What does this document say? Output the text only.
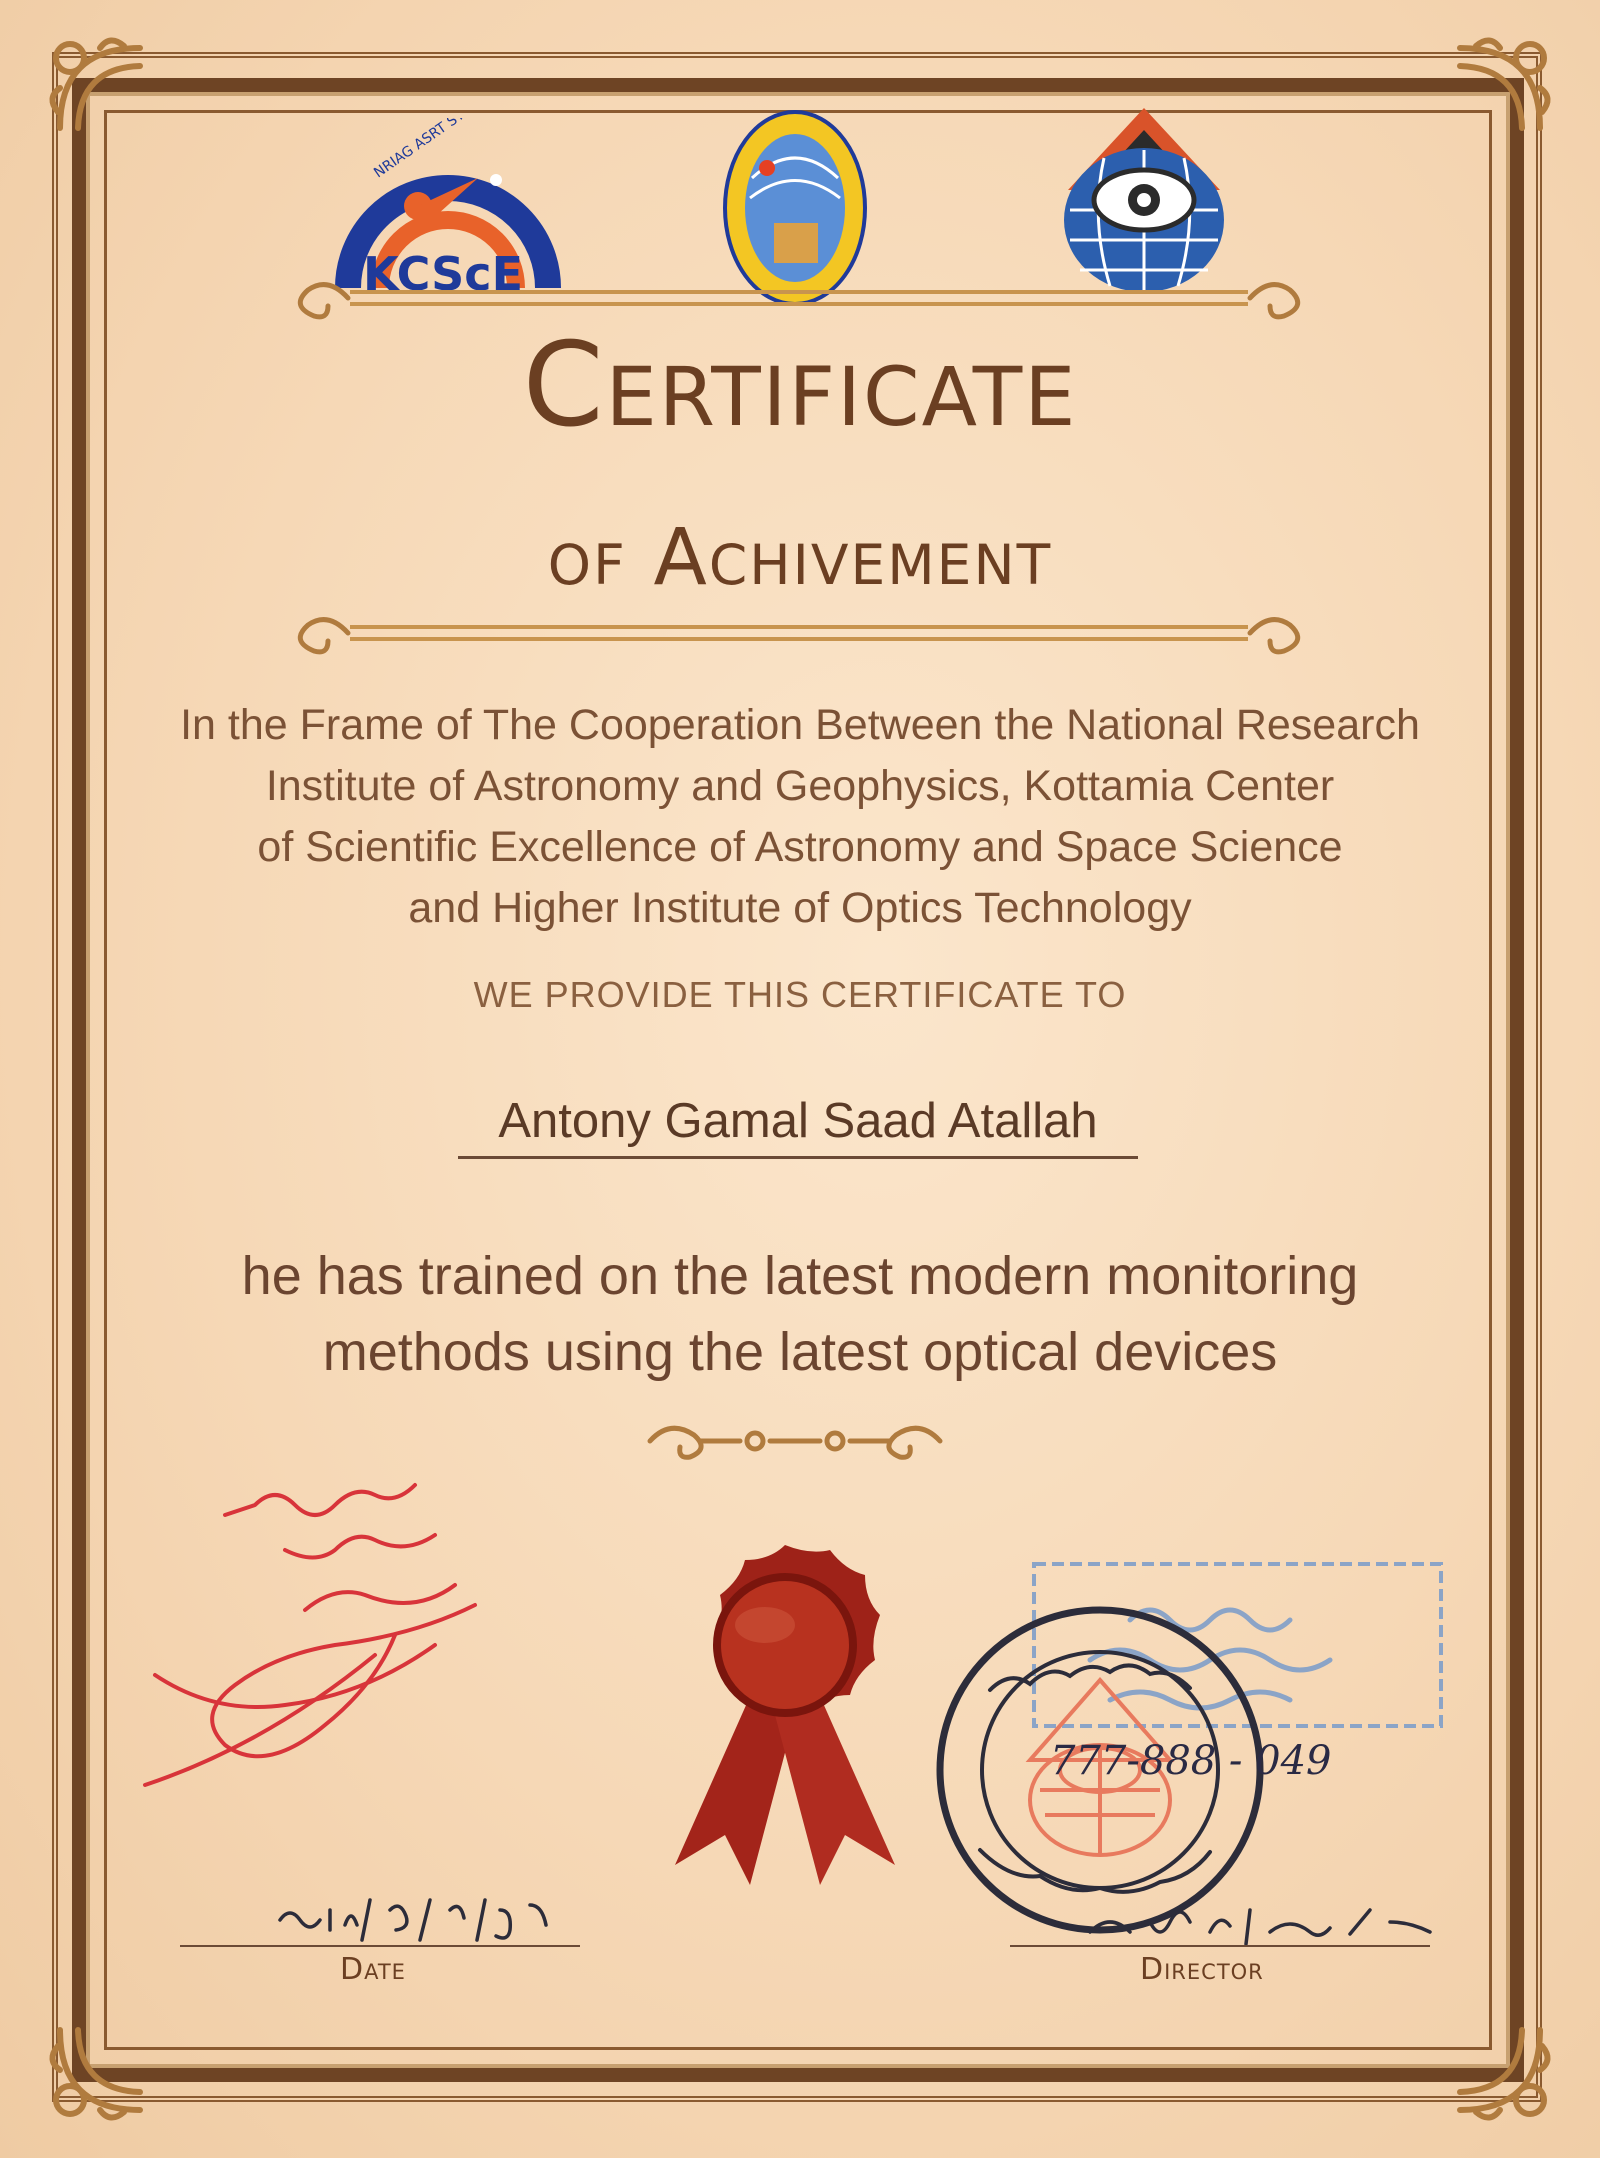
NRIAG ASRT STDF
KCScE
Certificate
of Achivement
In the Frame of The Cooperation Between the National Research
Institute of Astronomy and Geophysics, Kottamia Center
of Scientific Excellence of Astronomy and Space Science
and Higher Institute of Optics Technology
WE PROVIDE THIS CERTIFICATE TO
Antony Gamal Saad Atallah
he has trained on the latest modern monitoring
methods using the latest optical devices
777-888 - 049
Date	Director
